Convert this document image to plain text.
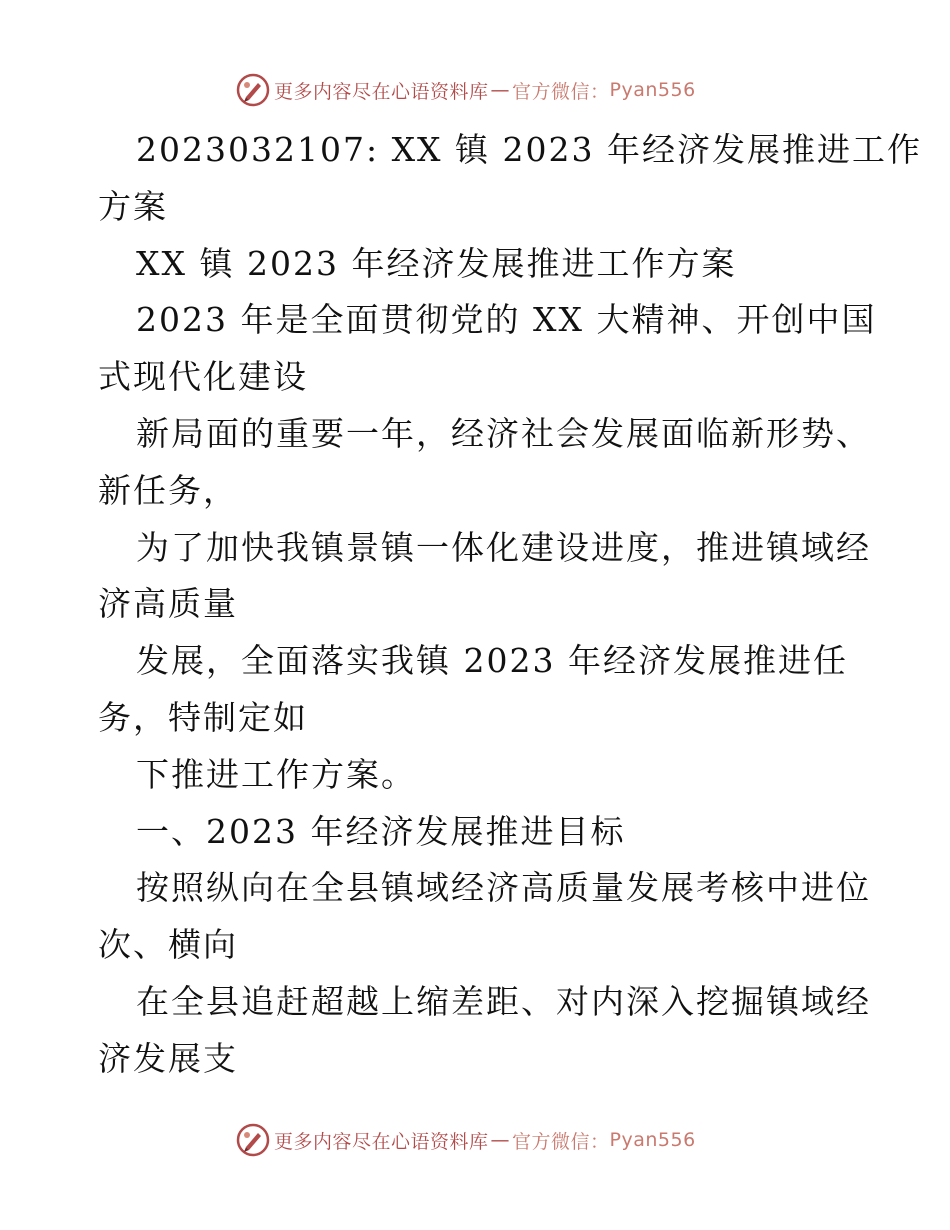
更多内容尽在心语资料库 — 官方微信： Pyan556

2023032107: XX 镇 2023 年经济发展推进工作

方案

XX 镇 2023 年经济发展推进工作方案

2023 年是全面贯彻党的 XX 大精神、开创中国

式现代化建设

新局面的重要一年，经济社会发展面临新形势、

新任务，

为了加快我镇景镇一体化建设进度，推进镇域经

济高质量

发展，全面落实我镇 2023 年经济发展推进任

务，特制定如

下推进工作方案。

一、2023 年经济发展推进目标

按照纵向在全县镇域经济高质量发展考核中进位

次、横向

在全县追赶超越上缩差距、对内深入挖掘镇域经

济发展支

更多内容尽在心语资料库 — 官方微信： Pyan556
